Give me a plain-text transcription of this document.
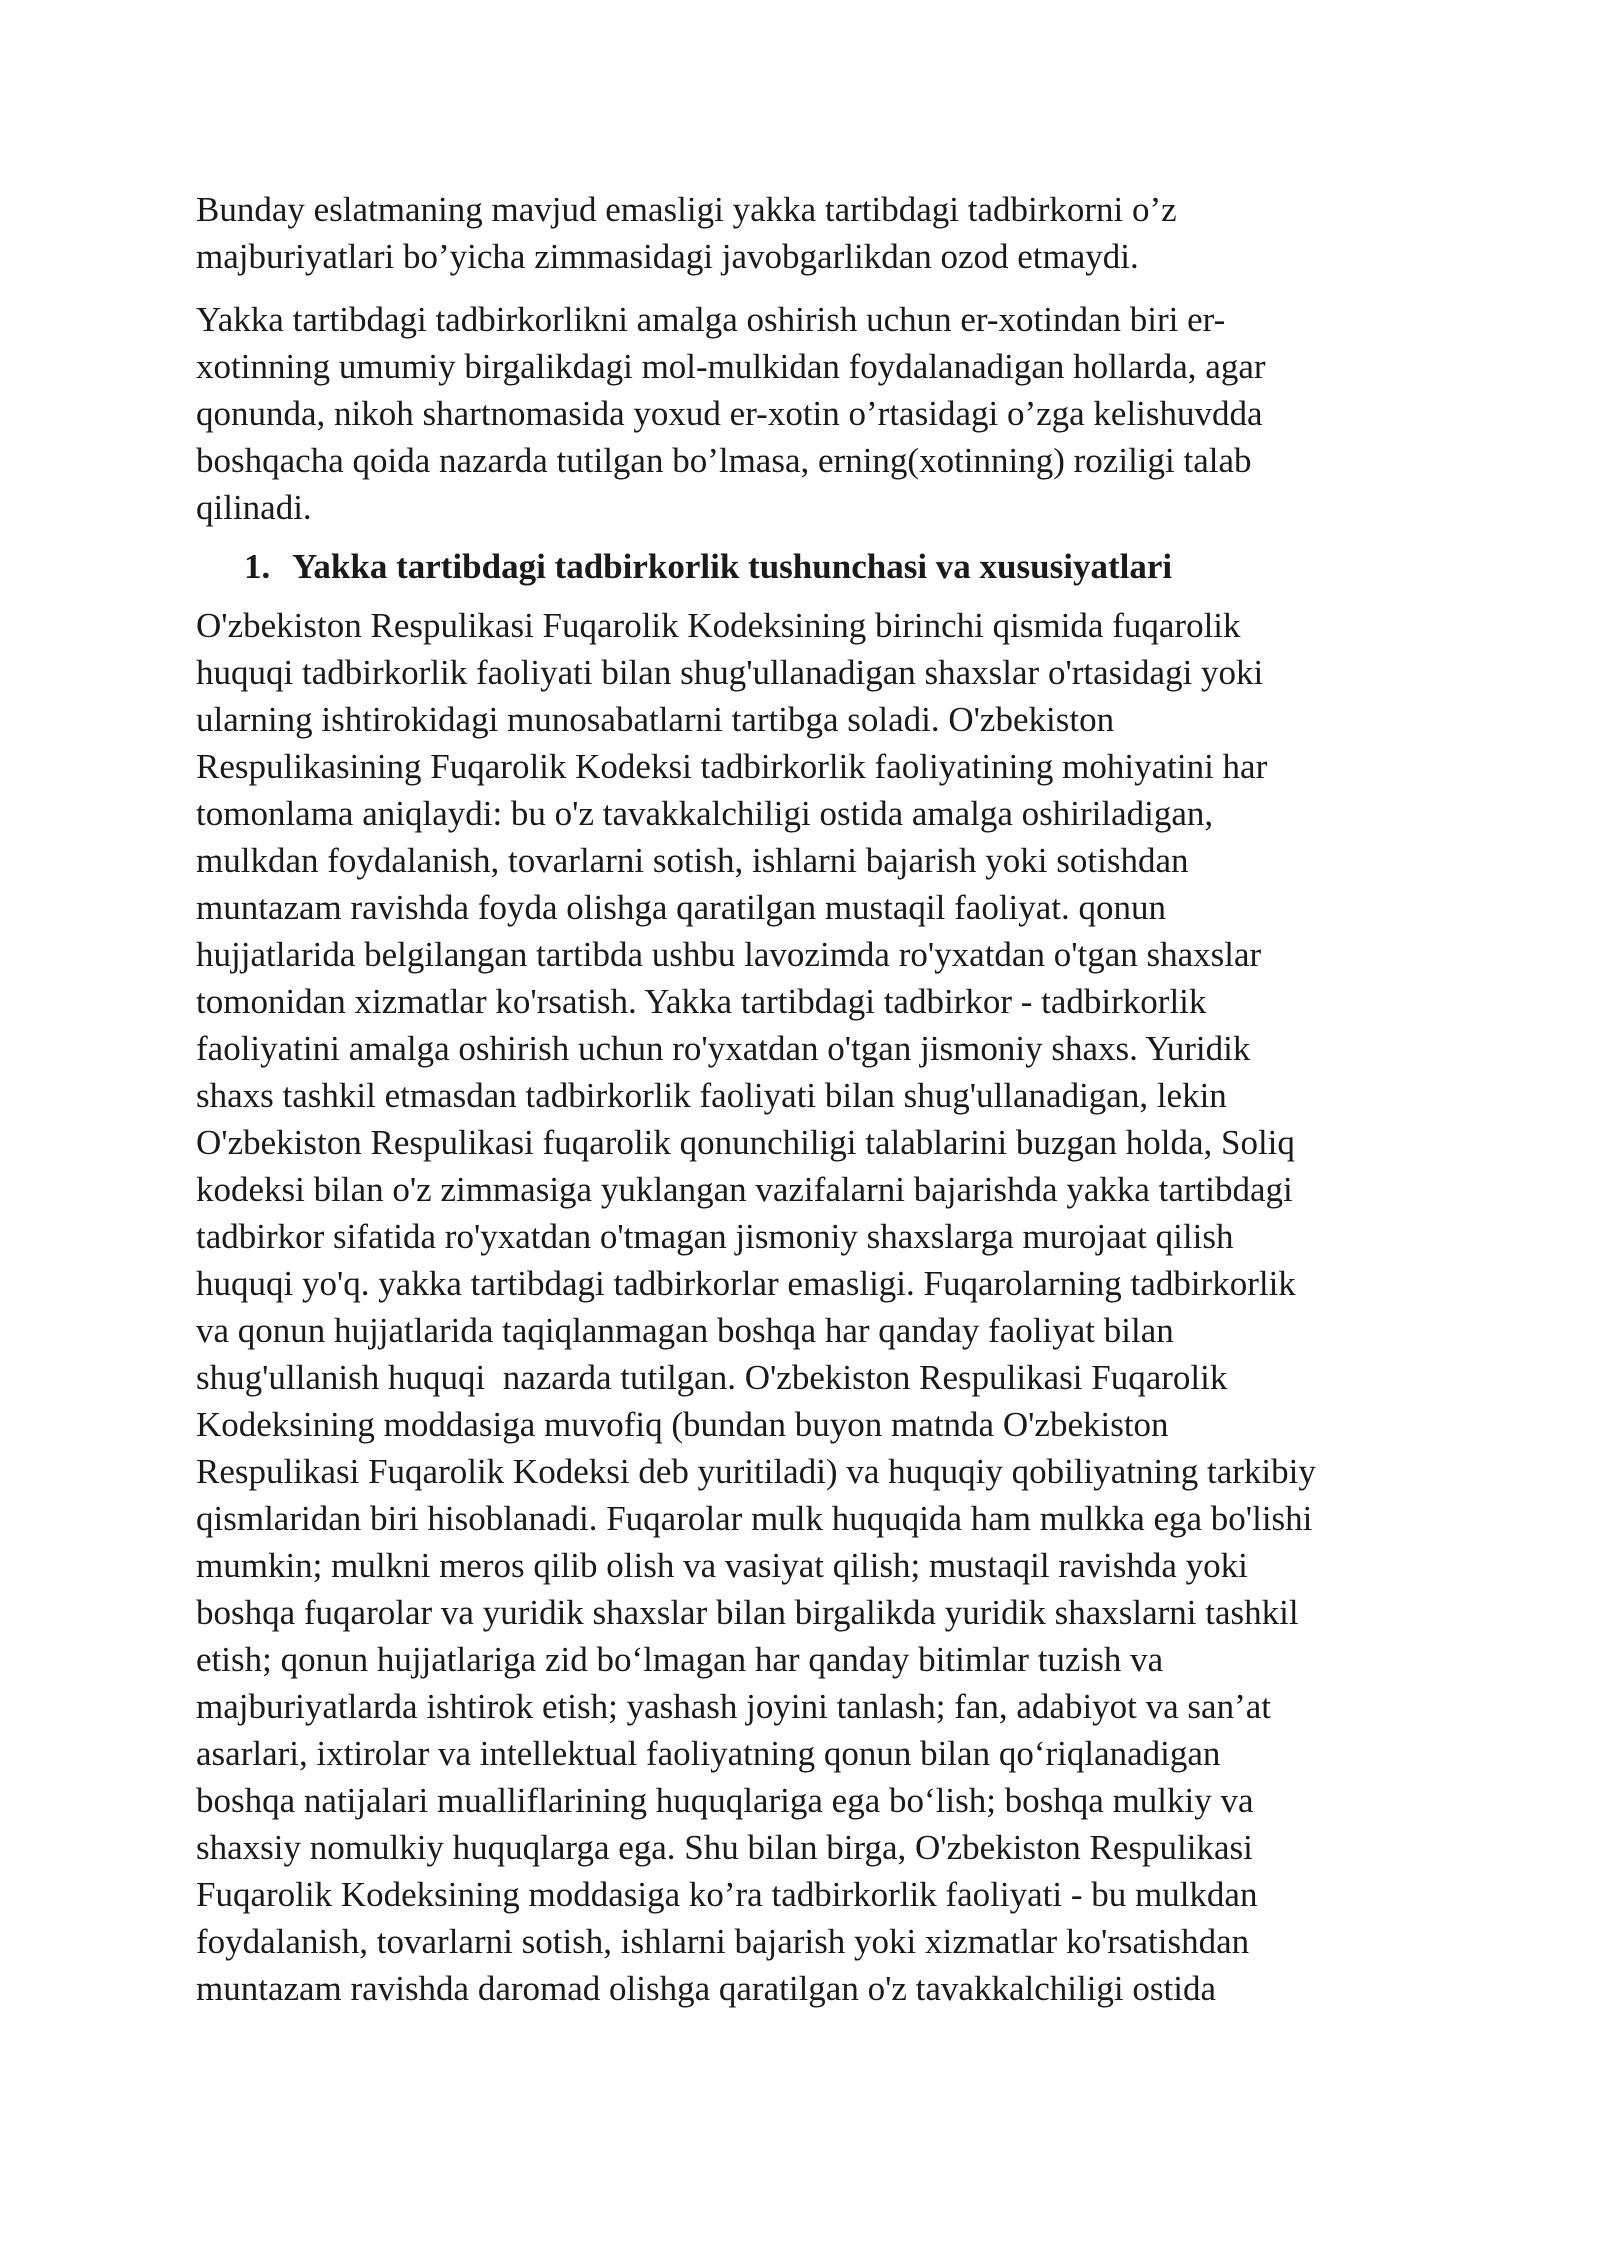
Bunday eslatmaning mavjud emasligi yakka tartibdagi tadbirkorni o’z
majburiyatlari bo’yicha zimmasidagi javobgarlikdan ozod etmaydi.

Yakka tartibdagi tadbirkorlikni amalga oshirish uchun er-xotindan biri er-
xotinning umumiy birgalikdagi mol-mulkidan foydalanadigan hollarda, agar
qonunda, nikoh shartnomasida yoxud er-xotin o’rtasidagi o’zga kelishuvdda
boshqacha qoida nazarda tutilgan bo’lmasa, erning(xotinning) roziligi talab
qilinadi.

1. Yakka tartibdagi tadbirkorlik tushunchasi va xususiyatlari

O'zbekiston Respulikasi Fuqarolik Kodeksining birinchi qismida fuqarolik
huquqi tadbirkorlik faoliyati bilan shug'ullanadigan shaxslar o'rtasidagi yoki
ularning ishtirokidagi munosabatlarni tartibga soladi. O'zbekiston
Respulikasining Fuqarolik Kodeksi tadbirkorlik faoliyatining mohiyatini har
tomonlama aniqlaydi: bu o'z tavakkalchiligi ostida amalga oshiriladigan,
mulkdan foydalanish, tovarlarni sotish, ishlarni bajarish yoki sotishdan
muntazam ravishda foyda olishga qaratilgan mustaqil faoliyat. qonun
hujjatlarida belgilangan tartibda ushbu lavozimda ro'yxatdan o'tgan shaxslar
tomonidan xizmatlar ko'rsatish. Yakka tartibdagi tadbirkor - tadbirkorlik
faoliyatini amalga oshirish uchun ro'yxatdan o'tgan jismoniy shaxs. Yuridik
shaxs tashkil etmasdan tadbirkorlik faoliyati bilan shug'ullanadigan, lekin
O'zbekiston Respulikasi fuqarolik qonunchiligi talablarini buzgan holda, Soliq
kodeksi bilan o'z zimmasiga yuklangan vazifalarni bajarishda yakka tartibdagi
tadbirkor sifatida ro'yxatdan o'tmagan jismoniy shaxslarga murojaat qilish
huquqi yo'q. yakka tartibdagi tadbirkorlar emasligi. Fuqarolarning tadbirkorlik
va qonun hujjatlarida taqiqlanmagan boshqa har qanday faoliyat bilan
shug'ullanish huquqi  nazarda tutilgan. O'zbekiston Respulikasi Fuqarolik
Kodeksining moddasiga muvofiq (bundan buyon matnda O'zbekiston
Respulikasi Fuqarolik Kodeksi deb yuritiladi) va huquqiy qobiliyatning tarkibiy
qismlaridan biri hisoblanadi. Fuqarolar mulk huquqida ham mulkka ega bo'lishi
mumkin; mulkni meros qilib olish va vasiyat qilish; mustaqil ravishda yoki
boshqa fuqarolar va yuridik shaxslar bilan birgalikda yuridik shaxslarni tashkil
etish; qonun hujjatlariga zid bo‘lmagan har qanday bitimlar tuzish va
majburiyatlarda ishtirok etish; yashash joyini tanlash; fan, adabiyot va san’at
asarlari, ixtirolar va intellektual faoliyatning qonun bilan qo‘riqlanadigan
boshqa natijalari mualliflarining huquqlariga ega bo‘lish; boshqa mulkiy va
shaxsiy nomulkiy huquqlarga ega. Shu bilan birga, O'zbekiston Respulikasi
Fuqarolik Kodeksining moddasiga ko’ra tadbirkorlik faoliyati - bu mulkdan
foydalanish, tovarlarni sotish, ishlarni bajarish yoki xizmatlar ko'rsatishdan
muntazam ravishda daromad olishga qaratilgan o'z tavakkalchiligi ostida
